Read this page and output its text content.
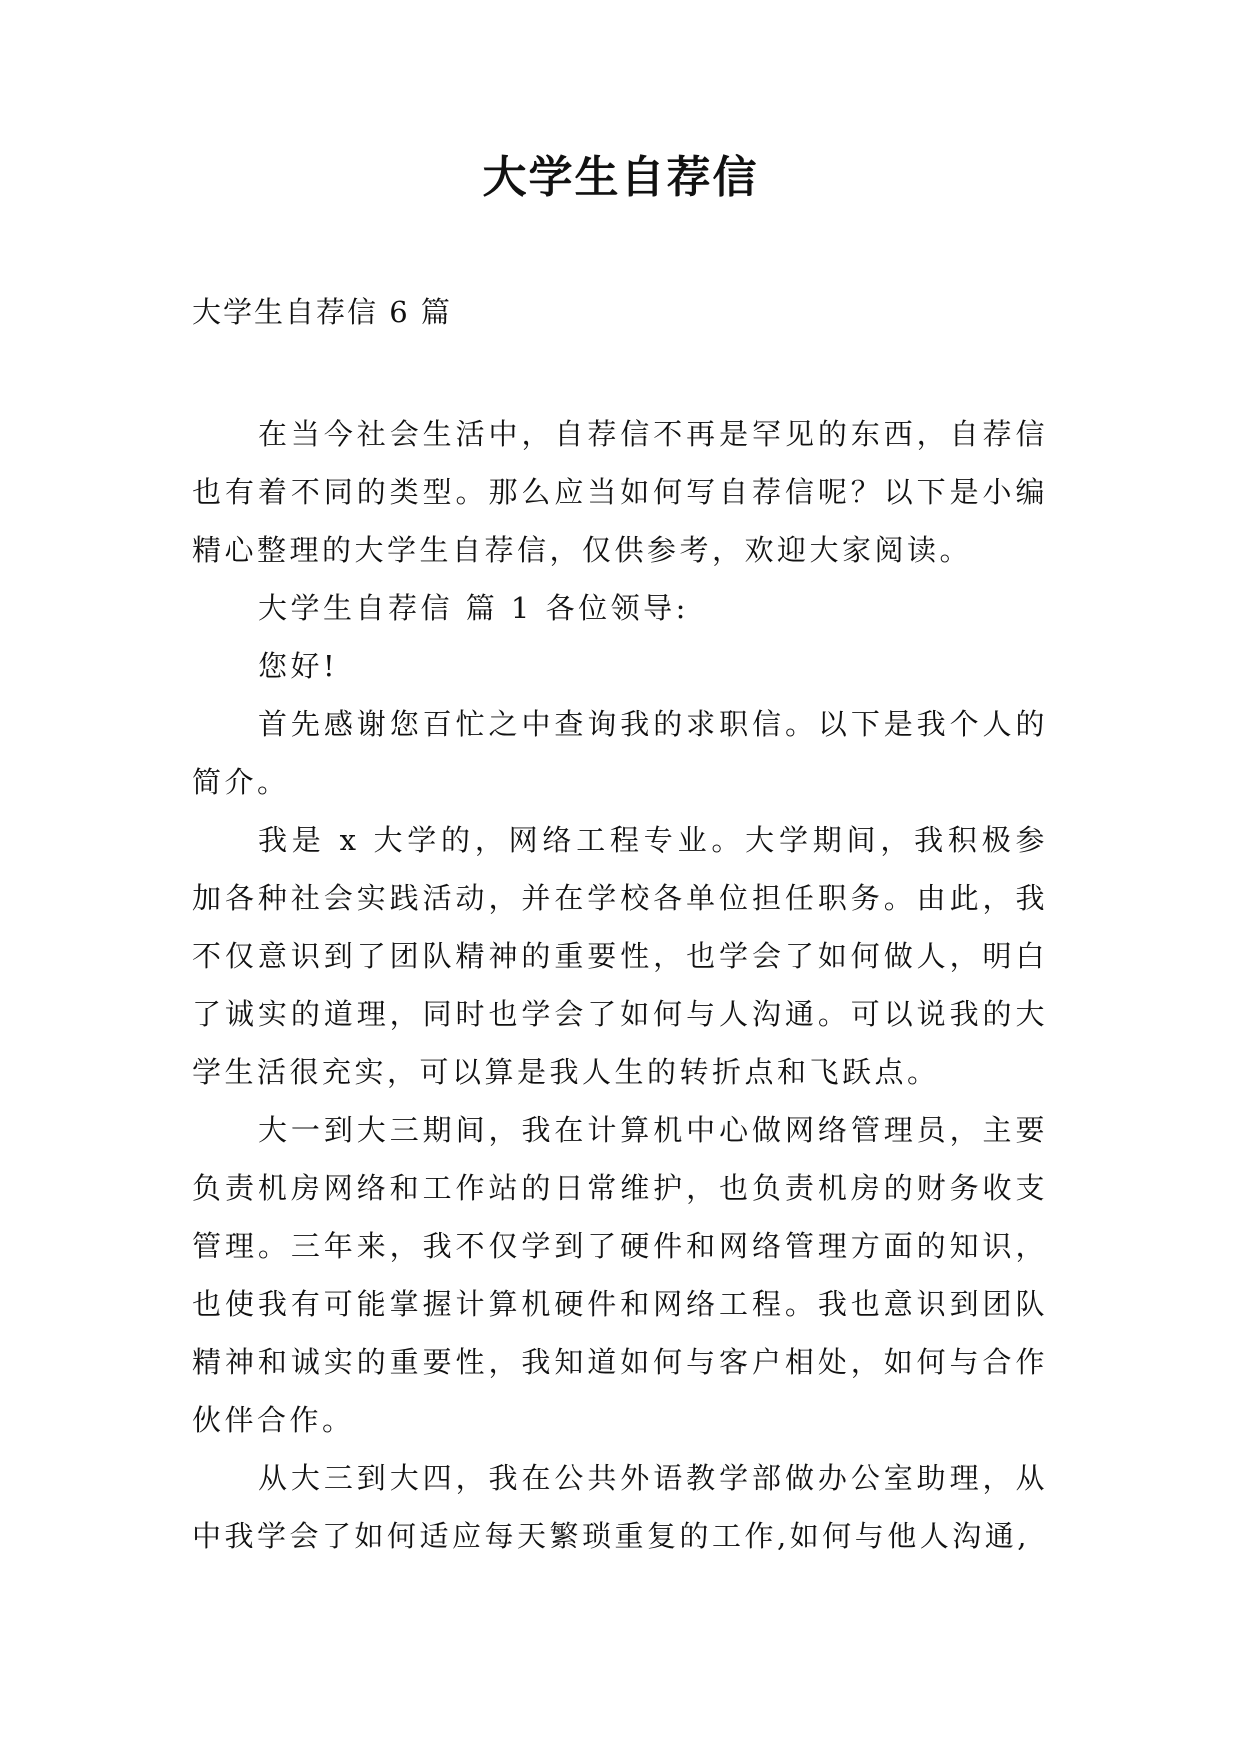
大学生自荐信

大学生自荐信 6 篇

在当今社会生活中，自荐信不再是罕见的东西，自荐信也有着不同的类型。那么应当如何写自荐信呢？以下是小编精心整理的大学生自荐信，仅供参考，欢迎大家阅读。

大学生自荐信 篇 1 各位领导:

您好!

首先感谢您百忙之中查询我的求职信。以下是我个人的简介。

我是 x 大学的，网络工程专业。大学期间，我积极参加各种社会实践活动，并在学校各单位担任职务。由此，我不仅意识到了团队精神的重要性，也学会了如何做人，明白了诚实的道理，同时也学会了如何与人沟通。可以说我的大学生活很充实，可以算是我人生的转折点和飞跃点。

大一到大三期间，我在计算机中心做网络管理员，主要负责机房网络和工作站的日常维护，也负责机房的财务收支管理。三年来，我不仅学到了硬件和网络管理方面的知识，也使我有可能掌握计算机硬件和网络工程。我也意识到团队精神和诚实的重要性，我知道如何与客户相处，如何与合作伙伴合作。

从大三到大四，我在公共外语教学部做办公室助理，从中我学会了如何适应每天繁琐重复的工作,如何与他人沟通,
